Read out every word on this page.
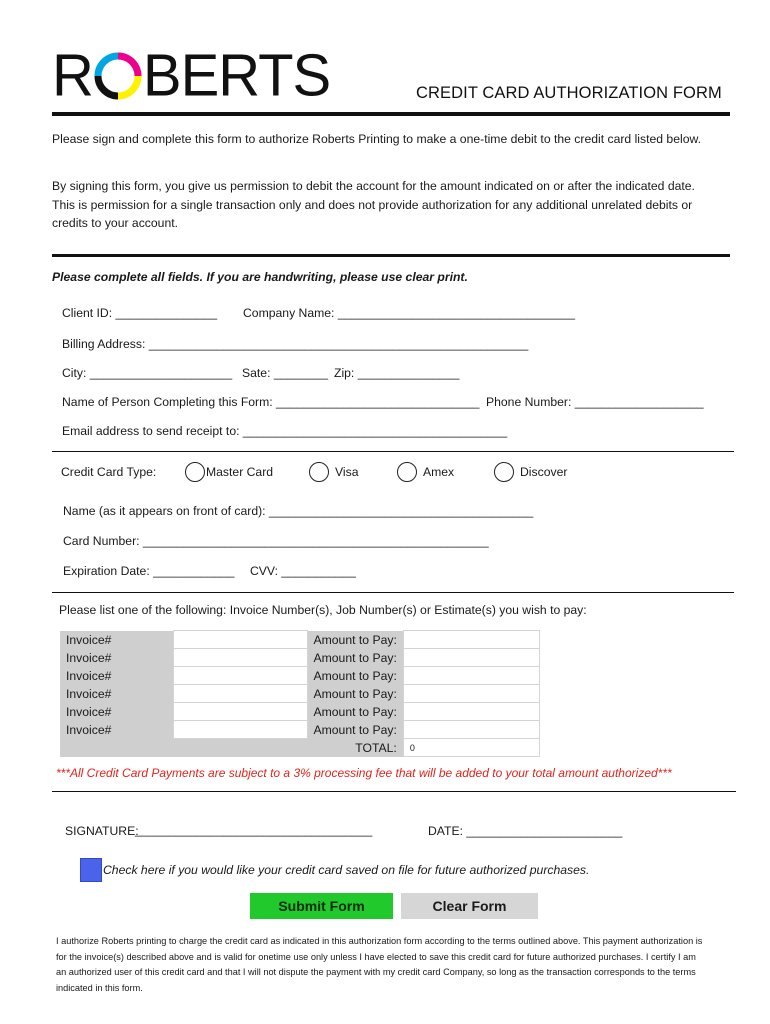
R BERTS	CREDIT CARD AUTHORIZATION FORM
Please sign and complete this form to authorize Roberts Printing to make a one-time debit to the credit card listed below.
By signing this form, you give us permission to debit the account for the amount indicated on or after the indicated date. This is permission for a single transaction only and does not provide authorization for any additional unrelated debits or credits to your account.
Please complete all fields. If you are handwriting, please use clear print.
Client ID: _______________ Company Name: ___________________________________
Billing Address: ________________________________________________________
City: _____________________ Sate: ________ Zip: _______________
Name of Person Completing this Form: ______________________________ Phone Number: ___________________
Email address to send receipt to: _______________________________________
Credit Card Type:	Master Card	Visa	Amex	Discover
Name (as it appears on front of card): _______________________________________
Card Number: ___________________________________________________
Expiration Date: ____________ CVV: ___________
Please list one of the following: Invoice Number(s), Job Number(s) or Estimate(s) you wish to pay:
Invoice#		Amount to Pay:	
Invoice#		Amount to Pay:	
Invoice#		Amount to Pay:	
Invoice#		Amount to Pay:	
Invoice#		Amount to Pay:	
Invoice#		Amount to Pay:	
		TOTAL:	0
***All Credit Card Payments are subject to a 3% processing fee that will be added to your total amount authorized***
SIGNATURE:
___________________________________	DATE: _______________________
Check here if you would like your credit card saved on file for future authorized purchases.
Submit Form	Clear Form
I authorize Roberts printing to charge the credit card as indicated in this authorization form according to the terms outlined above. This payment authorization is for the invoice(s) described above and is valid for onetime use only unless I have elected to save this credit card for future authorized purchases. I certify I am an authorized user of this credit card and that I will not dispute the payment with my credit card Company, so long as the transaction corresponds to the terms indicated in this form.
